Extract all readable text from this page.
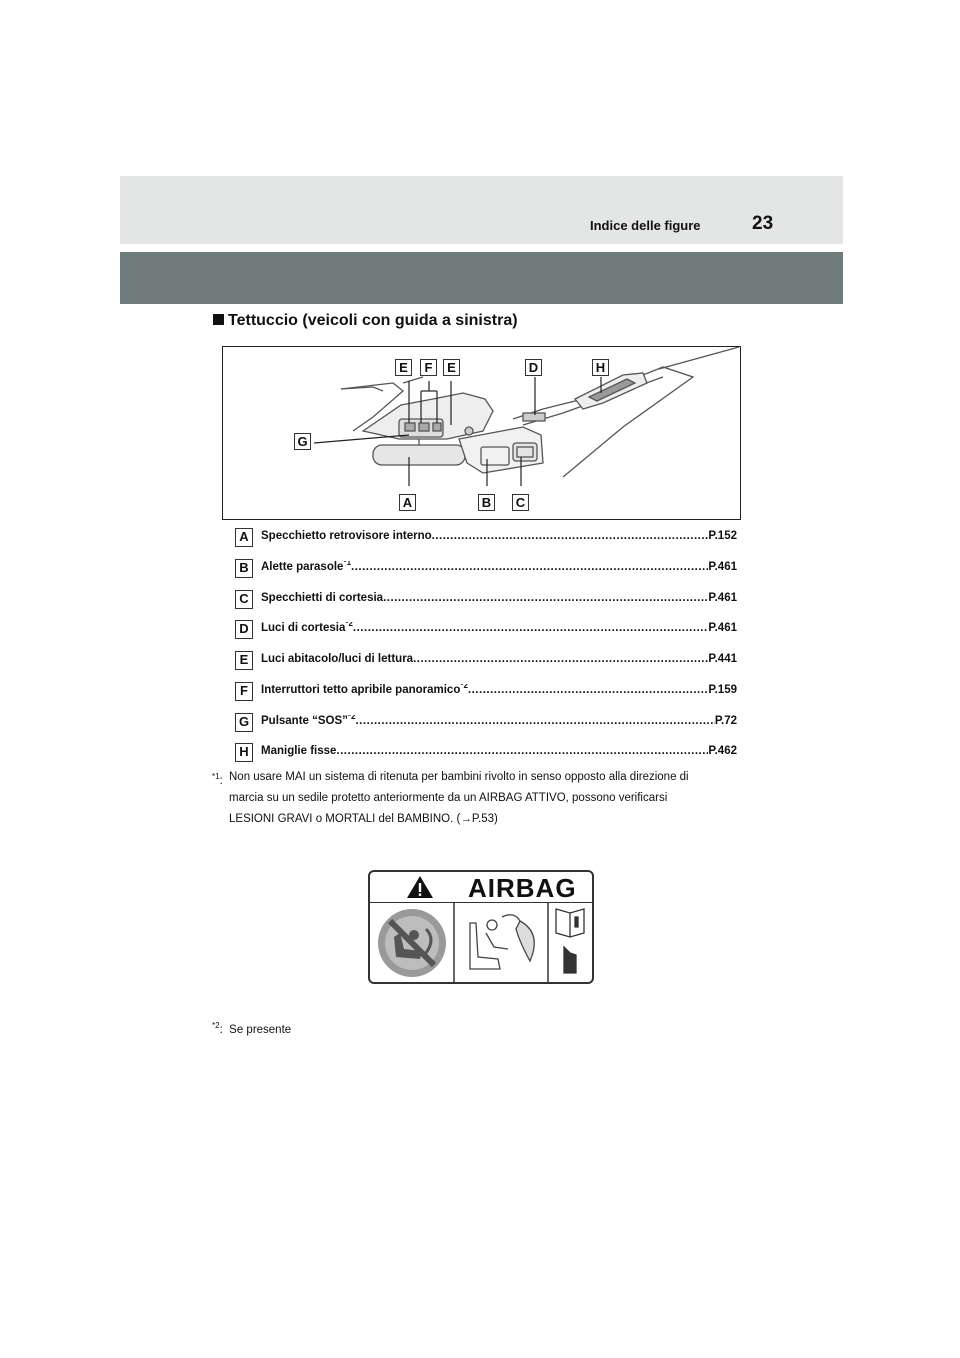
Indice delle figure	23
Tettuccio (veicoli con guida a sinistra)
E	F	E	D	H
G
A	B C
A	Specchietto retrovisore interno .....	P.152
B	Alette parasole$^{*1}$ .....	P.461
C	Specchietti di cortesia .....	P.461
D	Luci di cortesia$^{*2}$ .....	P.461
E	Luci abitacolo/luci di lettura .....	P.441
F	Interruttori tetto apribile panoramico$^{*2}$ .....	P.159
G	Pulsante “SOS”$^{*2}$ .....	P.72
H	Maniglie fisse .....	P.462
$^{*1}$: Non usare MAI un sistema di ritenuta per bambini rivolto in senso opposto alla direzione di
marcia su un sedile protetto anteriormente da un AIRBAG ATTIVO, possono verificarsi
LESIONI GRAVI o MORTALI del BAMBINO. (→P.53)
AIRBAG
$^{*2}$:  Se presente
